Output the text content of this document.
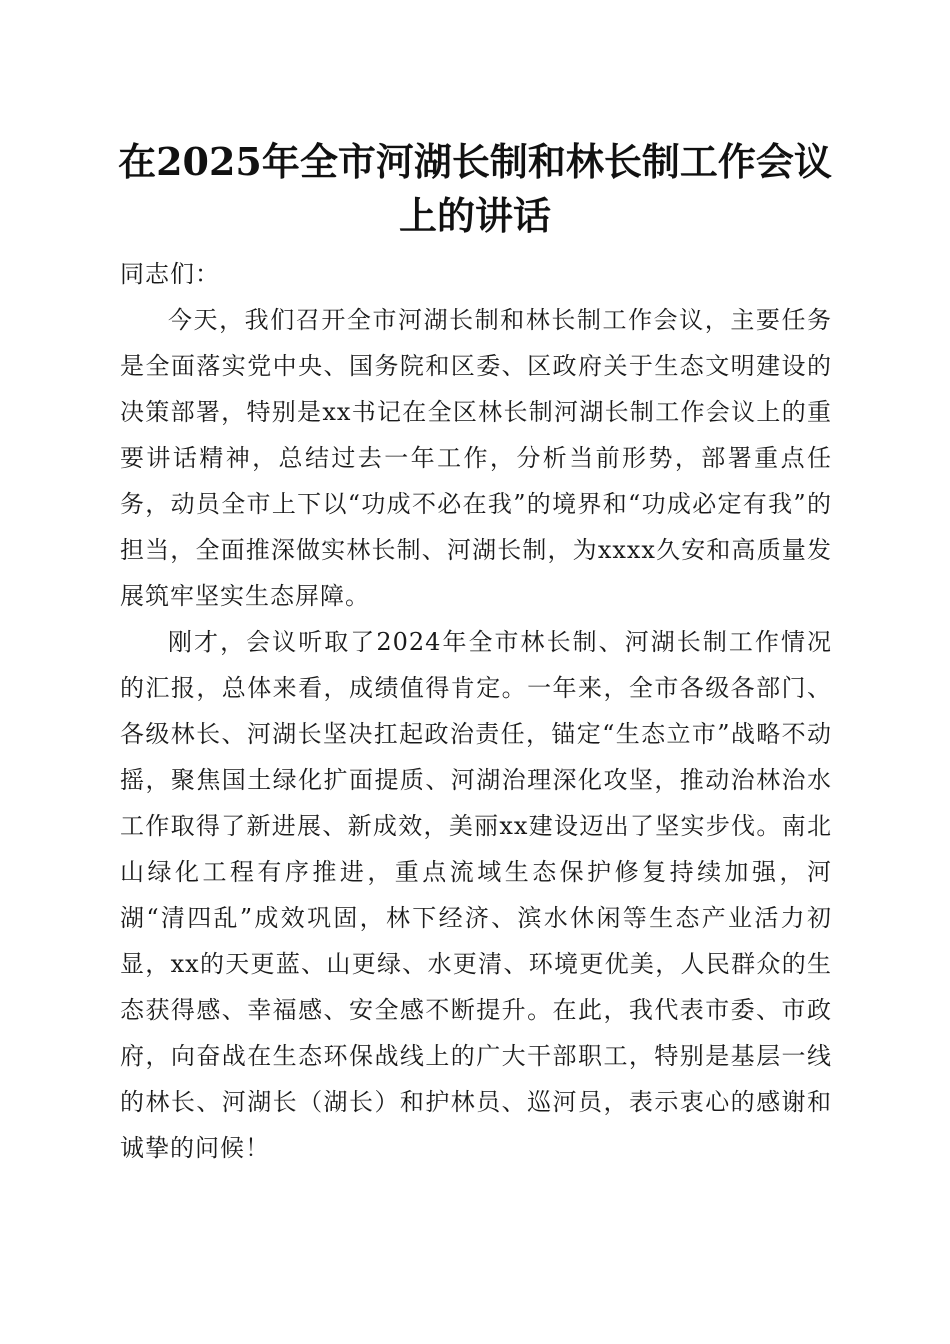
在2025年全市河湖长制和林长制工作会议上的讲话

同志们：

今天，我们召开全市河湖长制和林长制工作会议，主要任务是全面落实党中央、国务院和区委、区政府关于生态文明建设的决策部署，特别是xx书记在全区林长制河湖长制工作会议上的重要讲话精神，总结过去一年工作，分析当前形势，部署重点任务，动员全市上下以“功成不必在我”的境界和“功成必定有我”的担当，全面推深做实林长制、河湖长制，为xxxx久安和高质量发展筑牢坚实生态屏障。

刚才，会议听取了2024年全市林长制、河湖长制工作情况的汇报，总体来看，成绩值得肯定。一年来，全市各级各部门、各级林长、河湖长坚决扛起政治责任，锚定“生态立市”战略不动摇，聚焦国土绿化扩面提质、河湖治理深化攻坚，推动治林治水工作取得了新进展、新成效，美丽xx建设迈出了坚实步伐。南北山绿化工程有序推进，重点流域生态保护修复持续加强，河湖“清四乱”成效巩固，林下经济、滨水休闲等生态产业活力初显，xx的天更蓝、山更绿、水更清、环境更优美，人民群众的生态获得感、幸福感、安全感不断提升。在此，我代表市委、市政府，向奋战在生态环保战线上的广大干部职工，特别是基层一线的林长、河湖长（湖长）和护林员、巡河员，表示衷心的感谢和诚挚的问候！
